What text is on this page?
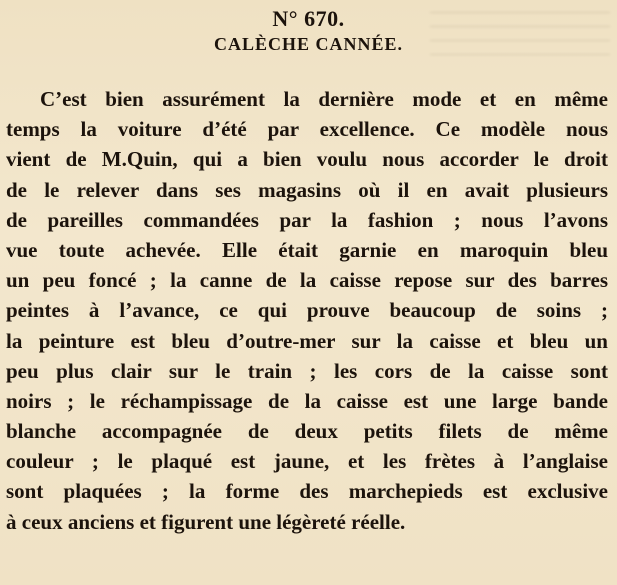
N° 670.
CALÈCHE CANNÉE.
C’est bien assurément la dernière mode et en même
temps la voiture d’été par excellence. Ce modèle nous
vient de M.Quin, qui a bien voulu nous accorder le droit
de le relever dans ses magasins où il en avait plusieurs
de pareilles commandées par la fashion ; nous l’avons
vue toute achevée. Elle était garnie en maroquin bleu
un peu foncé ; la canne de la caisse repose sur des barres
peintes à l’avance, ce qui prouve beaucoup de soins ;
la peinture est bleu d’outre-mer sur la caisse et bleu un
peu plus clair sur le train ; les cors de la caisse sont
noirs ; le réchampissage de la caisse est une large bande
blanche accompagnée de deux petits filets de même
couleur ; le plaqué est jaune, et les frètes à l’anglaise
sont plaquées ; la forme des marchepieds est exclusive
à ceux anciens et figurent une légèreté réelle.
